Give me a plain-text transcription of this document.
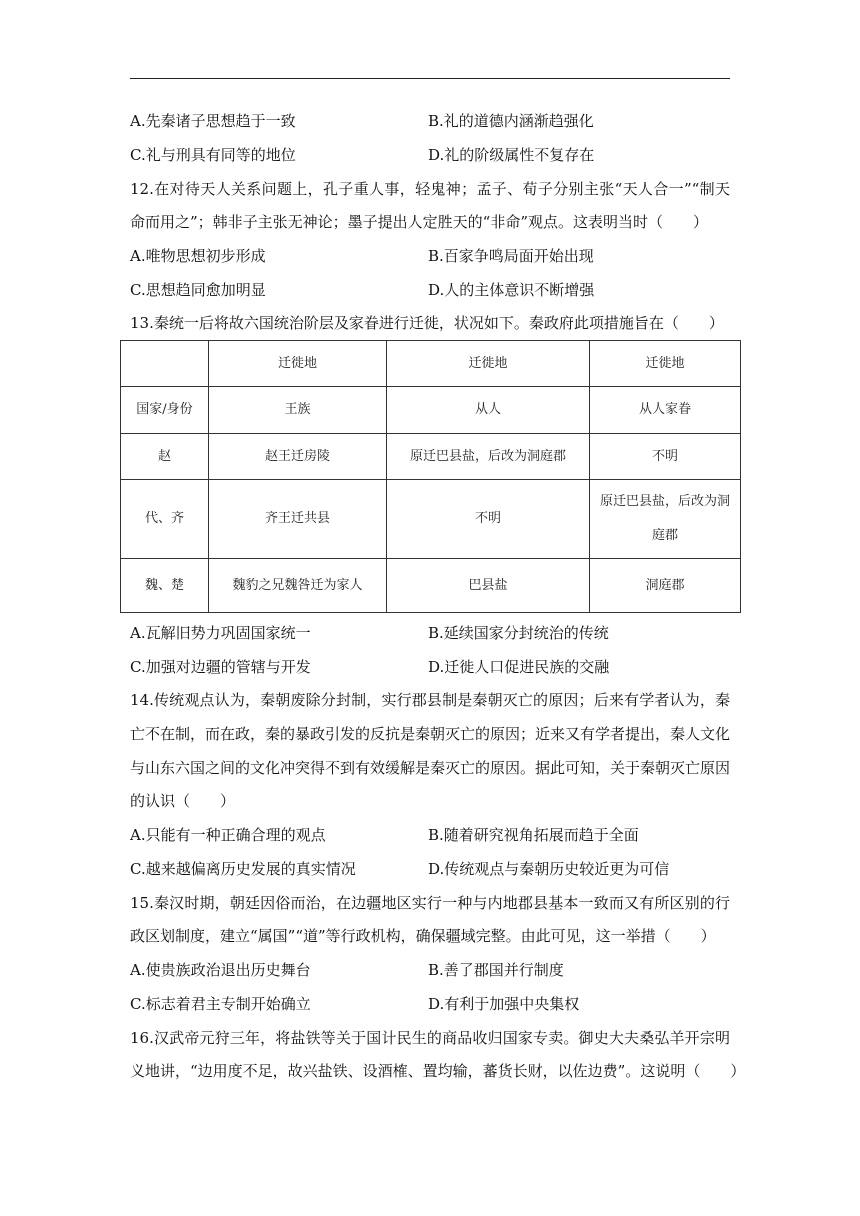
A.先秦诸子思想趋于一致	B.礼的道德内涵渐趋强化
C.礼与刑具有同等的地位	D.礼的阶级属性不复存在
12.在对待天人关系问题上，孔子重人事，轻鬼神；孟子、荀子分别主张“天人合一”“制天
命而用之”；韩非子主张无神论；墨子提出人定胜天的“非命”观点。这表明当时（　　）
A.唯物思想初步形成	B.百家争鸣局面开始出现
C.思想趋同愈加明显	D.人的主体意识不断增强
13.秦统一后将故六国统治阶层及家眷进行迁徙，状况如下。秦政府此项措施旨在（　　）
	迁徙地	迁徙地	迁徙地
国家/身份	王族	从人	从人家眷
赵	赵王迁房陵	原迁巴县盐，后改为洞庭郡	不明
代、齐	齐王迁共县	不明	原迁巴县盐，后改为洞庭郡
魏、楚	魏豹之兄魏咎迁为家人	巴县盐	洞庭郡
A.瓦解旧势力巩固国家统一	B.延续国家分封统治的传统
C.加强对边疆的管辖与开发	D.迁徙人口促进民族的交融
14.传统观点认为，秦朝废除分封制，实行郡县制是秦朝灭亡的原因；后来有学者认为，秦
亡不在制，而在政，秦的暴政引发的反抗是秦朝灭亡的原因；近来又有学者提出，秦人文化
与山东六国之间的文化冲突得不到有效缓解是秦灭亡的原因。据此可知，关于秦朝灭亡原因
的认识（　　）
A.只能有一种正确合理的观点	B.随着研究视角拓展而趋于全面
C.越来越偏离历史发展的真实情况	D.传统观点与秦朝历史较近更为可信
15.秦汉时期，朝廷因俗而治，在边疆地区实行一种与内地郡县基本一致而又有所区别的行
政区划制度，建立“属国”“道”等行政机构，确保疆域完整。由此可见，这一举措（　　）
A.使贵族政治退出历史舞台	B.善了郡国并行制度
C.标志着君主专制开始确立	D.有利于加强中央集权
16.汉武帝元狩三年，将盐铁等关于国计民生的商品收归国家专卖。御史大夫桑弘羊开宗明
义地讲，“边用度不足，故兴盐铁、设酒榷、置均输，蕃货长财，以佐边费”。这说明（　　）
